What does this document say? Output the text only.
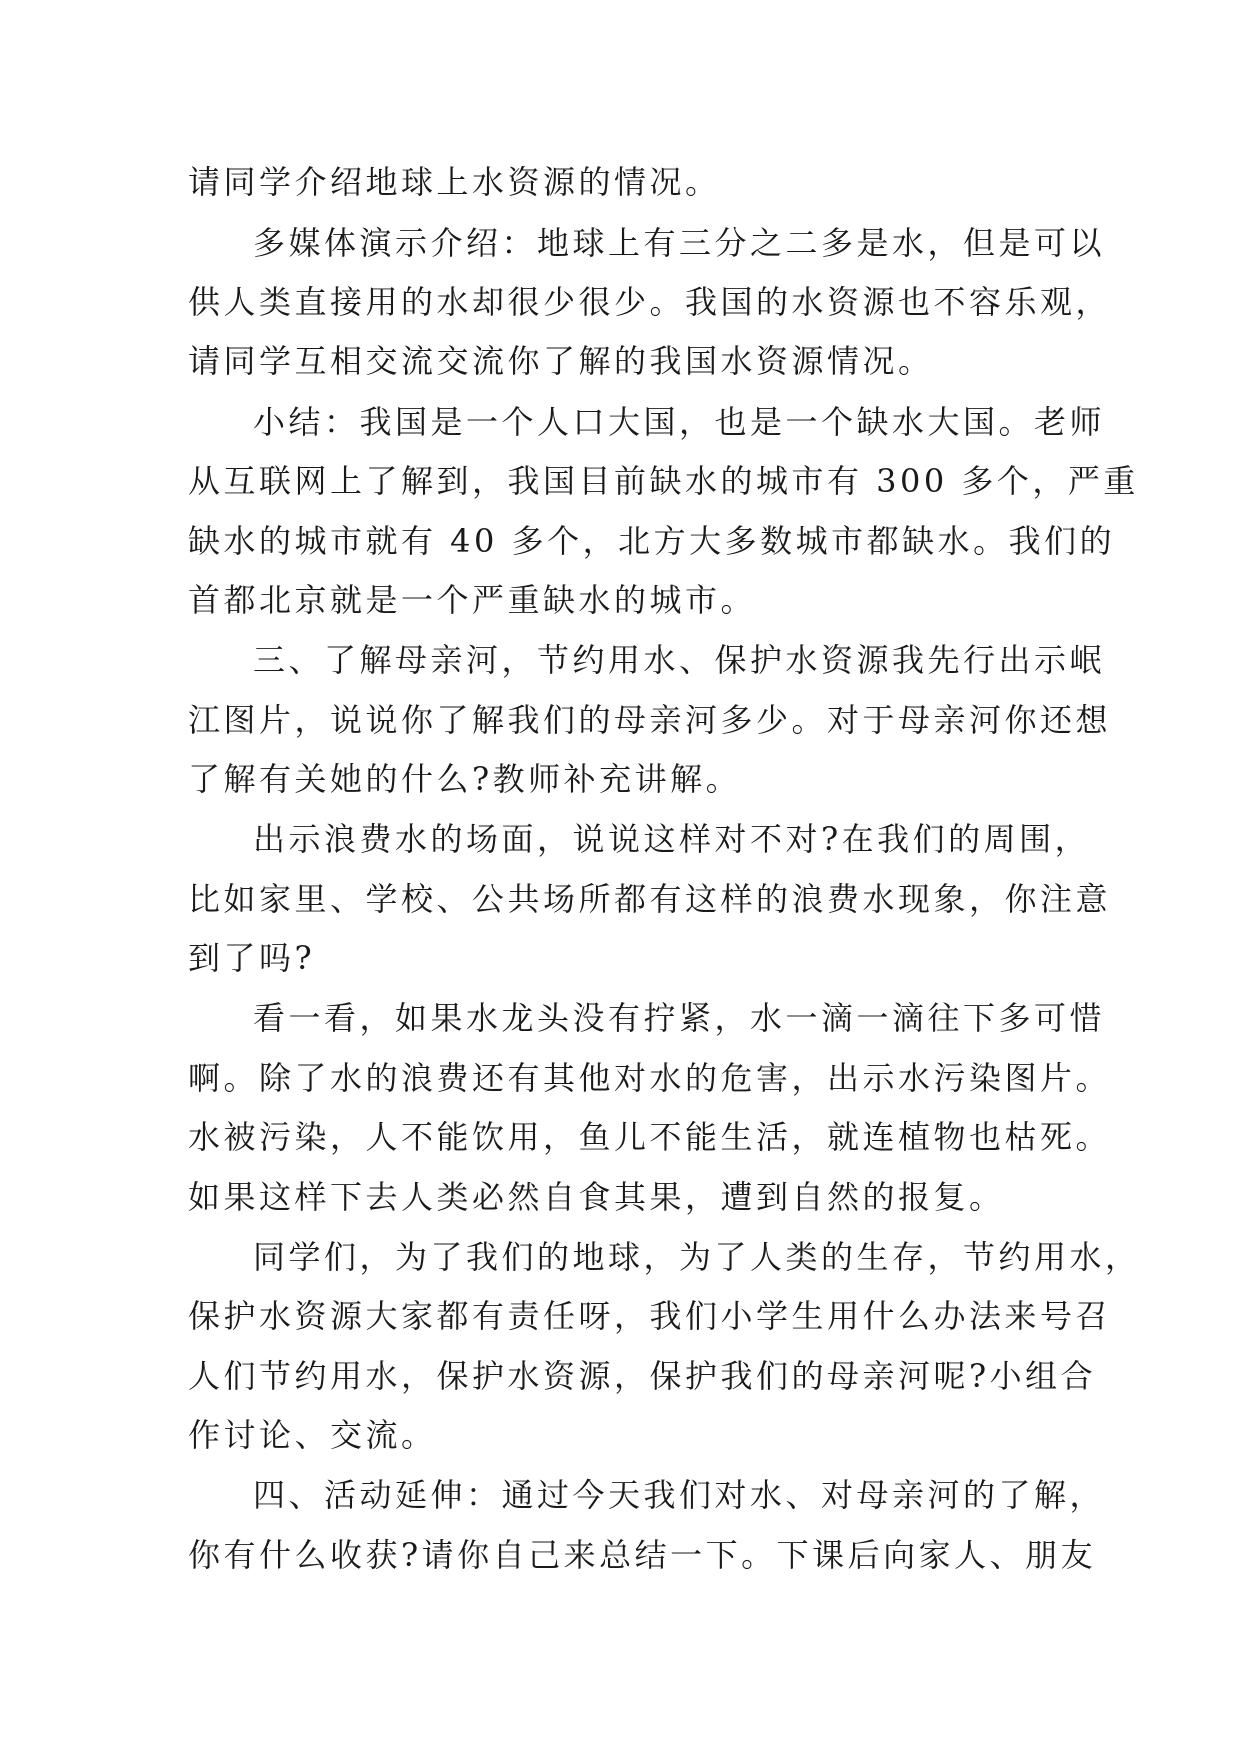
请同学介绍地球上水资源的情况。
多媒体演示介绍：地球上有三分之二多是水，但是可以
供人类直接用的水却很少很少。我国的水资源也不容乐观，
请同学互相交流交流你了解的我国水资源情况。
小结：我国是一个人口大国，也是一个缺水大国。老师
从互联网上了解到，我国目前缺水的城市有 300 多个，严重
缺水的城市就有 40 多个，北方大多数城市都缺水。我们的
首都北京就是一个严重缺水的城市。
三、了解母亲河，节约用水、保护水资源我先行出示岷
江图片，说说你了解我们的母亲河多少。对于母亲河你还想
了解有关她的什么?教师补充讲解。
出示浪费水的场面，说说这样对不对?在我们的周围，
比如家里、学校、公共场所都有这样的浪费水现象，你注意
到了吗?
看一看，如果水龙头没有拧紧，水一滴一滴往下多可惜
啊。除了水的浪费还有其他对水的危害，出示水污染图片。
水被污染，人不能饮用，鱼儿不能生活，就连植物也枯死。
如果这样下去人类必然自食其果，遭到自然的报复。
同学们，为了我们的地球，为了人类的生存，节约用水，
保护水资源大家都有责任呀，我们小学生用什么办法来号召
人们节约用水，保护水资源，保护我们的母亲河呢?小组合
作讨论、交流。
四、活动延伸：通过今天我们对水、对母亲河的了解，
你有什么收获?请你自己来总结一下。下课后向家人、朋友
